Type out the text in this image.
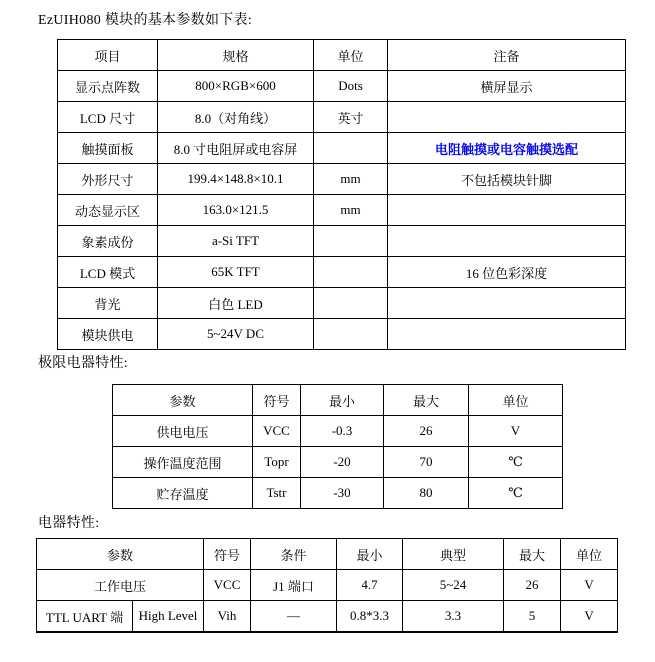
EzUIH080 模块的基本参数如下表:
项目	规格	单位	注备
显示点阵数	800×RGB×600	Dots	横屏显示
LCD 尺寸	8.0（对角线）	英寸	
触摸面板	8.0 寸电阻屏或电容屏		电阻触摸或电容触摸选配
外形尺寸	199.4×148.8×10.1	mm	不包括模块针脚
动态显示区	163.0×121.5	mm	
象素成份	a-Si TFT		
LCD 模式	65K TFT		16 位色彩深度
背光	白色 LED		
模块供电	5~24V DC		
极限电器特性:
参数	符号	最小	最大	单位
供电电压	VCC	-0.3	26	V
操作温度范围	Topr	-20	70	℃
贮存温度	Tstr	-30	80	℃
电器特性:
参数		符号	条件	最小	典型	最大	单位
工作电压		VCC	J1 端口	4.7	5~24	26	V
TTL UART 端	High Level	Vih	—	0.8*3.3	3.3	5	V
